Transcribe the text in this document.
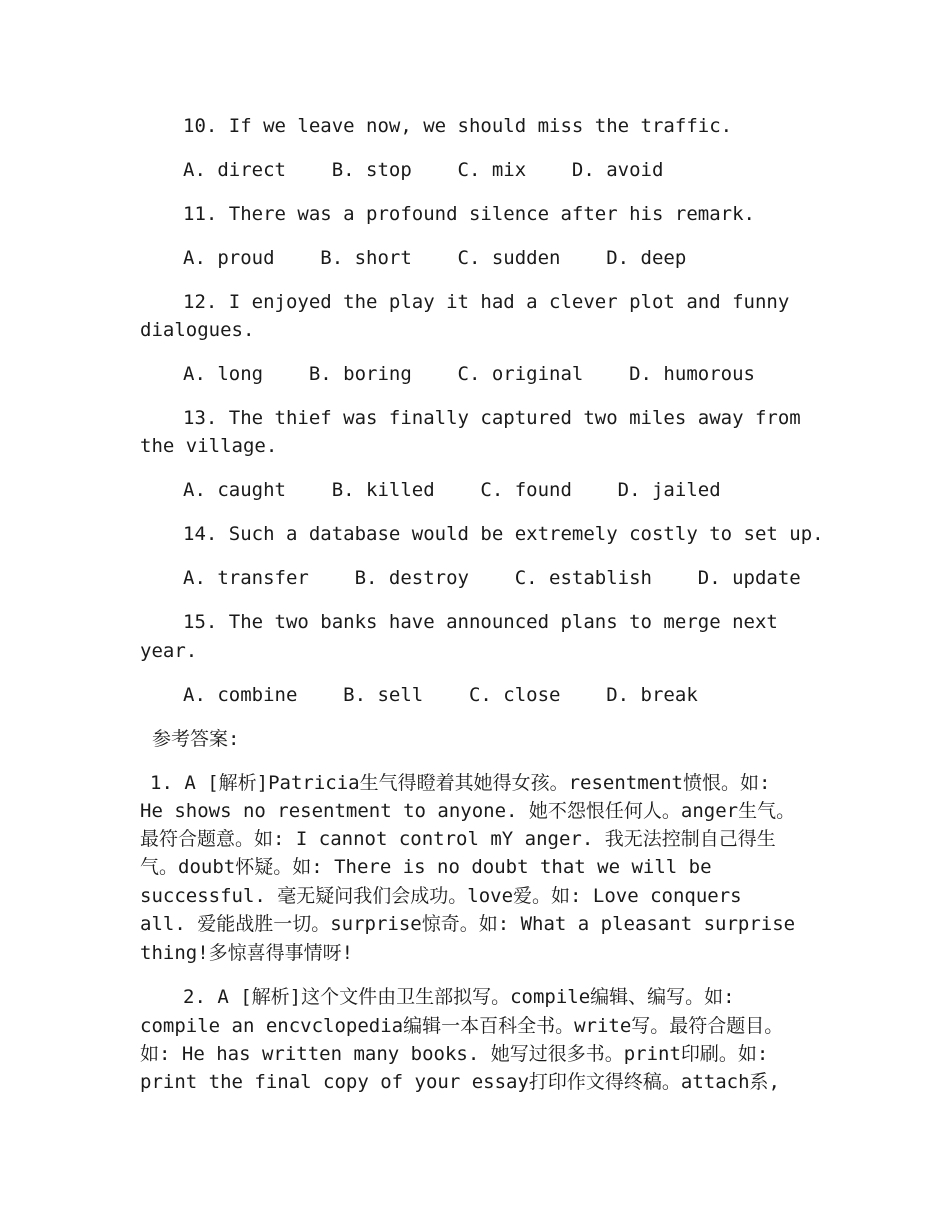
10. If we leave now, we should miss the traffic.
A. direct    B. stop    C. mix    D. avoid
11. There was a profound silence after his remark.
A. proud    B. short    C. sudden    D. deep
12. I enjoyed the play it had a clever plot and funny
dialogues.
A. long    B. boring    C. original    D. humorous
13. The thief was finally captured two miles away from
the village.
A. caught    B. killed    C. found    D. jailed
14. Such a database would be extremely costly to set up.
A. transfer    B. destroy    C. establish    D. update
15. The two banks have announced plans to merge next
year.
A. combine    B. sell    C. close    D. break
参考答案:
1. A [解析]Patricia生气得瞪着其她得女孩。resentment愤恨。如:
He shows no resentment to anyone. 她不怨恨任何人。anger生气。
最符合题意。如: I cannot control mY anger. 我无法控制自己得生
气。doubt怀疑。如: There is no doubt that we will be
successful. 毫无疑问我们会成功。love爱。如: Love conquers
all. 爱能战胜一切。surprise惊奇。如: What a pleasant surprise
thing!多惊喜得事情呀!
2. A [解析]这个文件由卫生部拟写。compile编辑、编写。如:
compile an encvclopedia编辑一本百科全书。write写。最符合题目。
如: He has written many books. 她写过很多书。print印刷。如:
print the final copy of your essay打印作文得终稿。attach系,
